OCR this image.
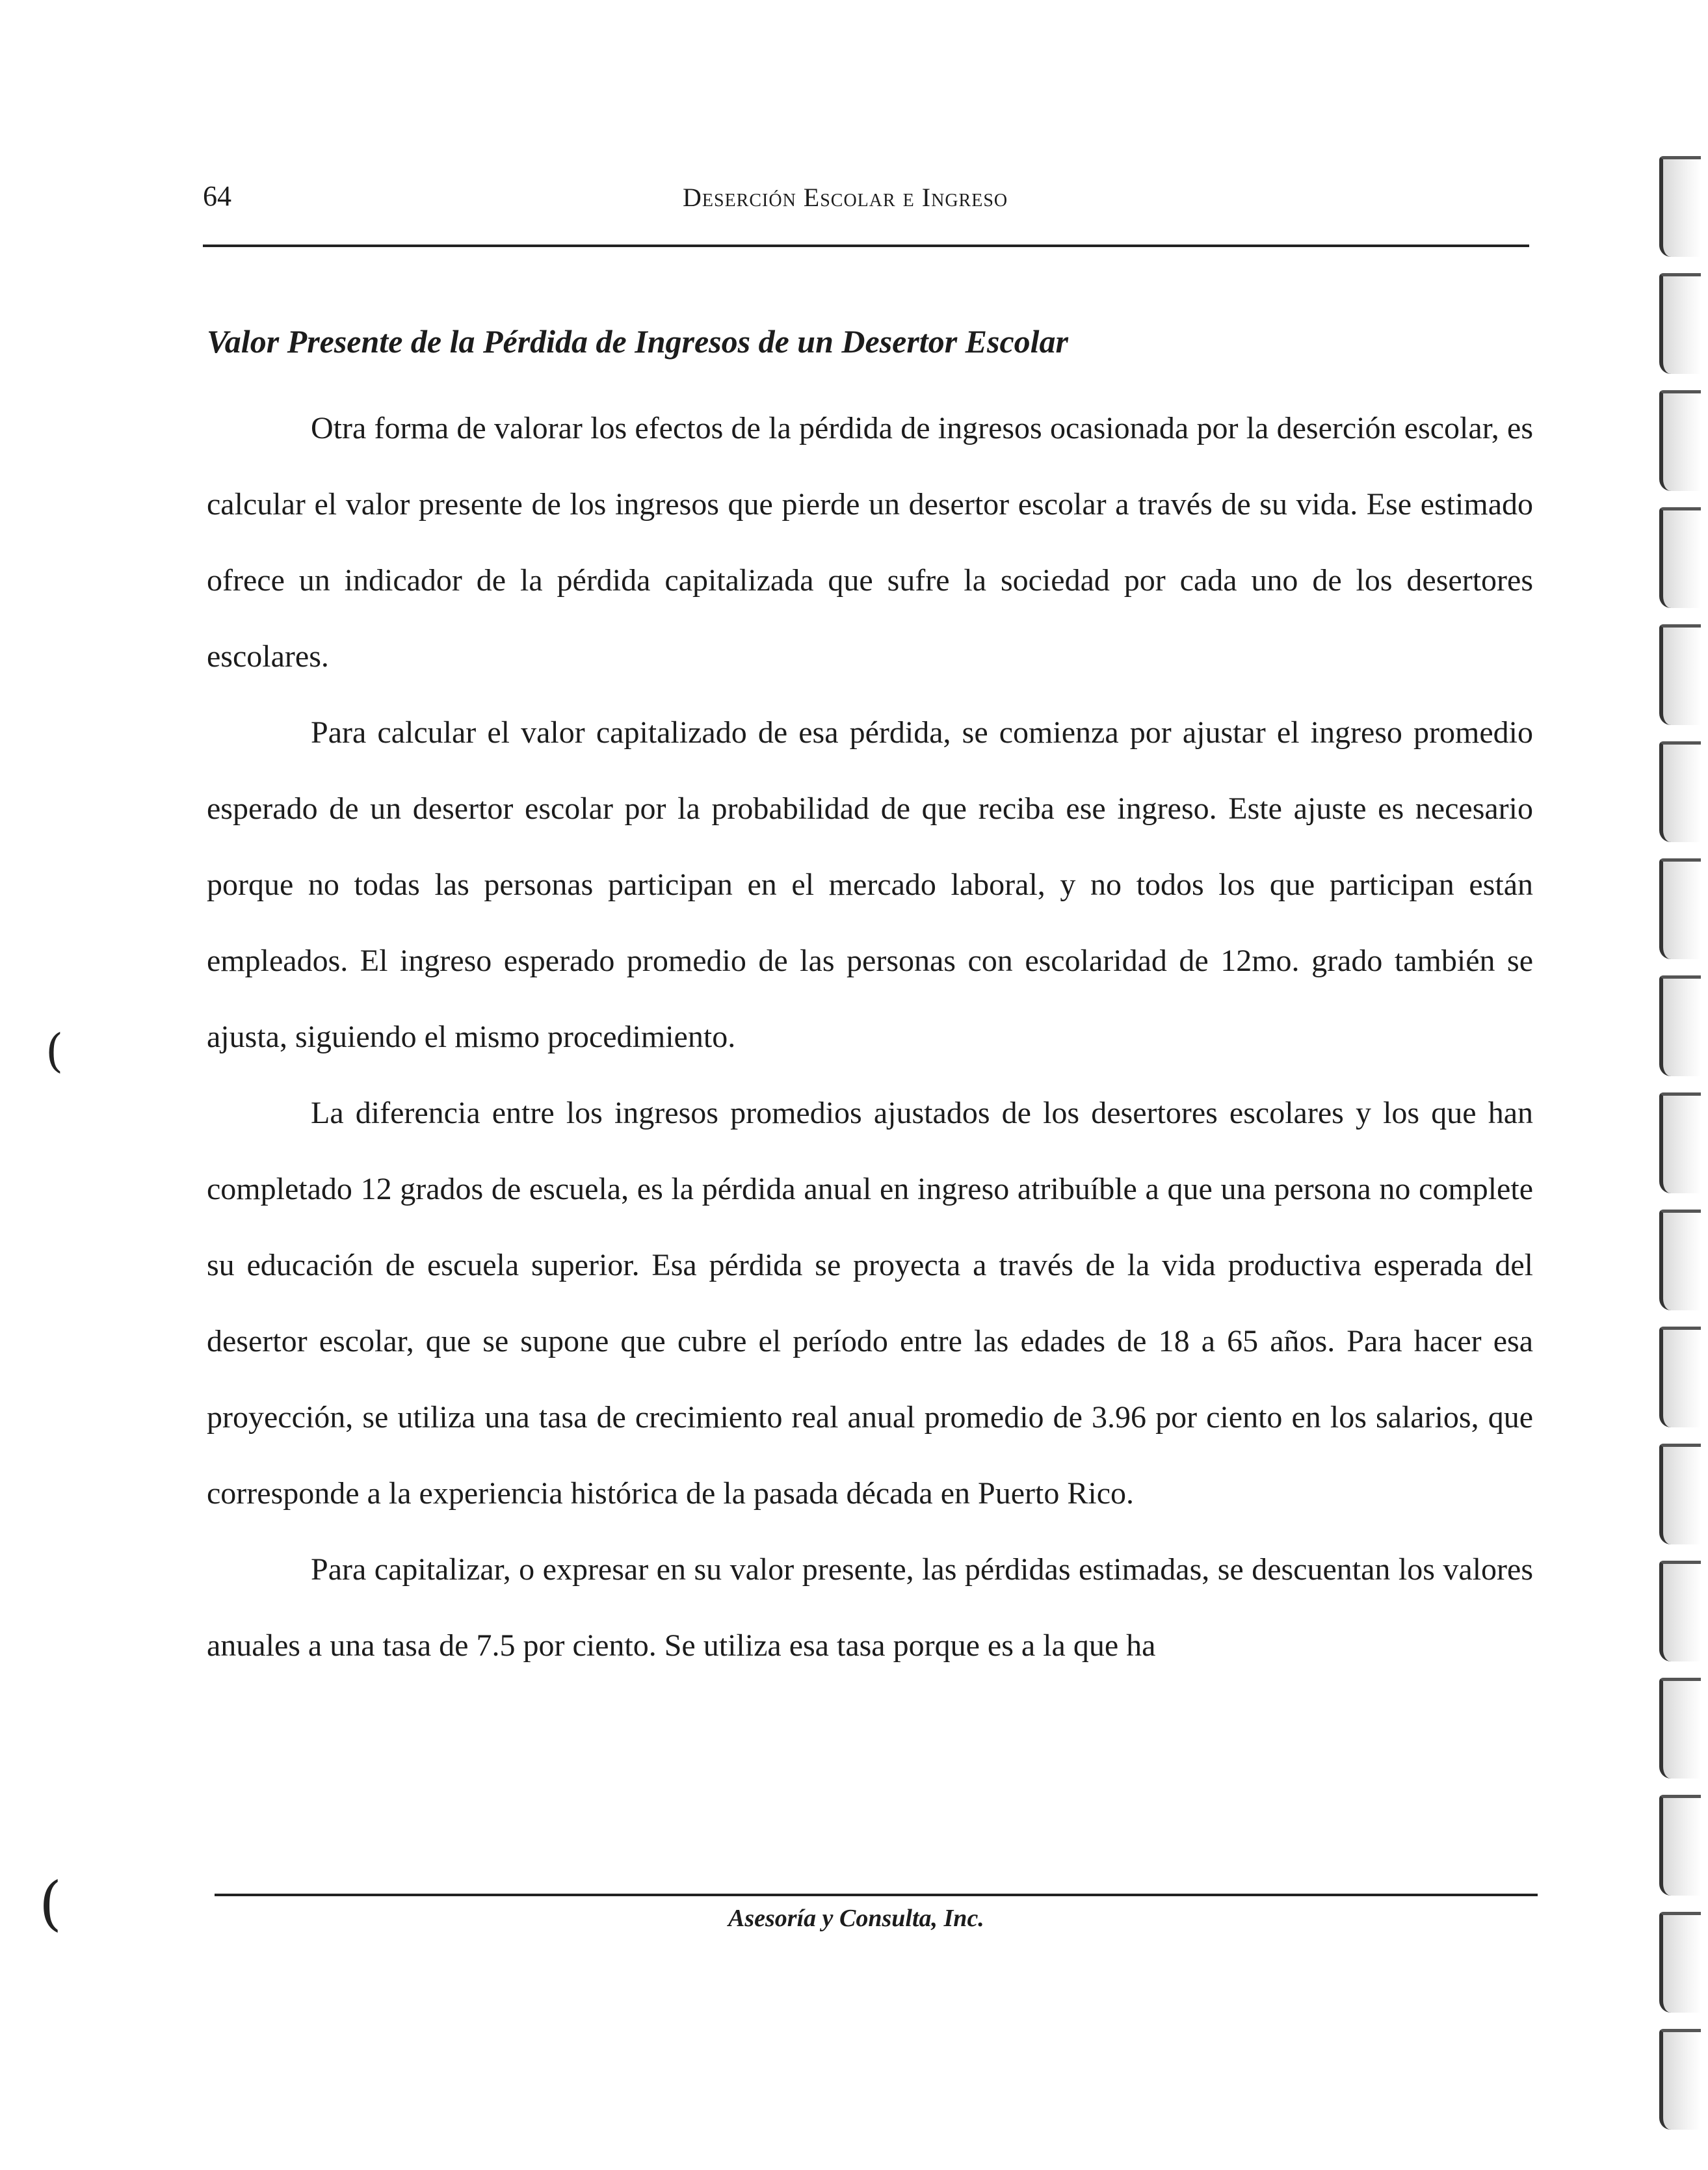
64	Deserción Escolar e Ingreso
Valor Presente de la Pérdida de Ingresos de un Desertor Escolar

Otra forma de valorar los efectos de la pérdida de ingresos ocasionada por la deserción escolar, es calcular el valor presente de los ingresos que pierde un desertor escolar a través de su vida. Ese estimado ofrece un indicador de la pérdida capitalizada que sufre la sociedad por cada uno de los desertores escolares.

Para calcular el valor capitalizado de esa pérdida, se comienza por ajustar el ingreso promedio esperado de un desertor escolar por la probabilidad de que reciba ese ingreso. Este ajuste es necesario porque no todas las personas participan en el mercado laboral, y no todos los que participan están empleados. El ingreso esperado promedio de las personas con escolaridad de 12mo. grado también se ajusta, siguiendo el mismo procedimiento.

La diferencia entre los ingresos promedios ajustados de los desertores escolares y los que han completado 12 grados de escuela, es la pérdida anual en ingreso atribuíble a que una persona no complete su educación de escuela superior. Esa pérdida se proyecta a través de la vida productiva esperada del desertor escolar, que se supone que cubre el período entre las edades de 18 a 65 años. Para hacer esa proyección, se utiliza una tasa de crecimiento real anual promedio de 3.96 por ciento en los salarios, que corresponde a la experiencia histórica de la pasada década en Puerto Rico.

Para capitalizar, o expresar en su valor presente, las pérdidas estimadas, se descuentan los valores anuales a una tasa de 7.5 por ciento. Se utiliza esa tasa porque es a la que ha

Asesoría y Consulta, Inc.
(
(
